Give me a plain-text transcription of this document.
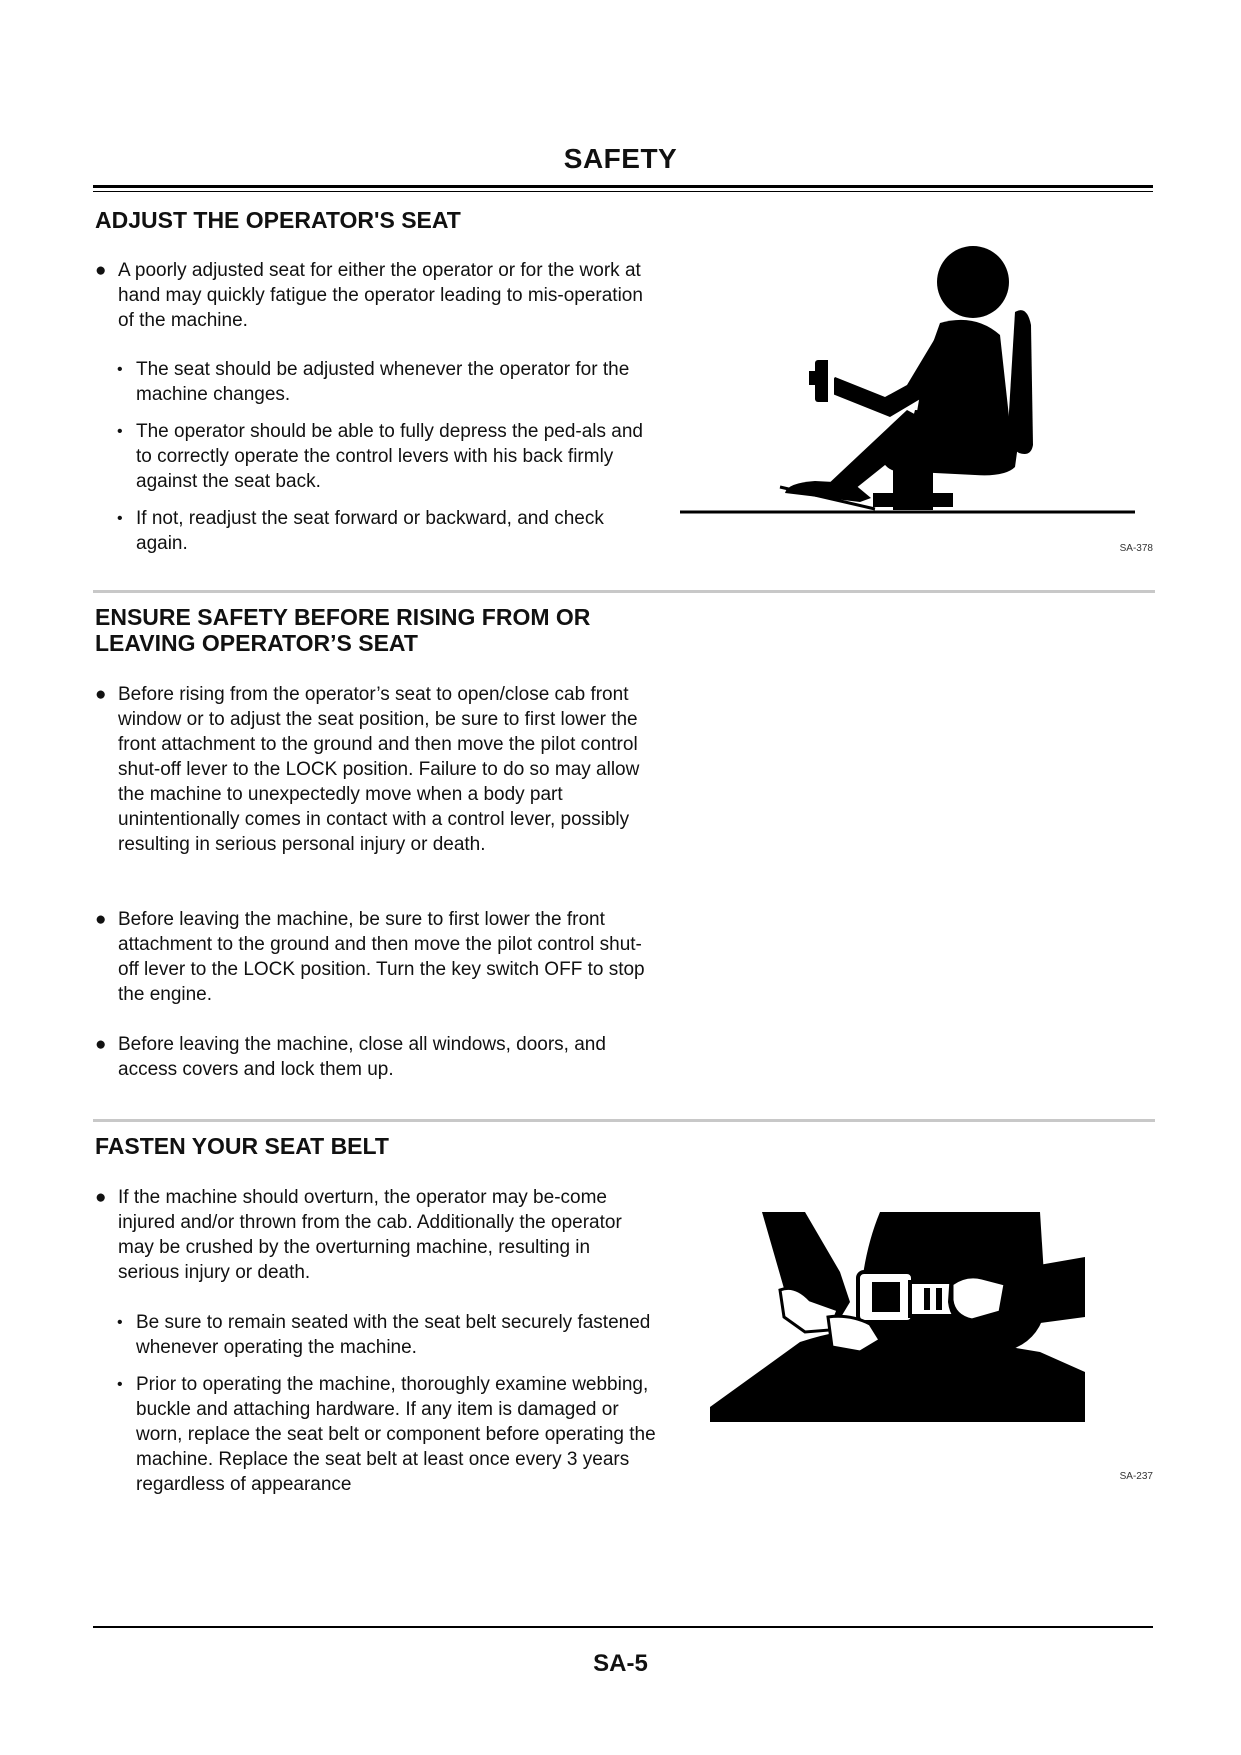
SAFETY
ADJUST THE OPERATOR'S SEAT
● A poorly adjusted seat for either the operator or for the work at hand may quickly fatigue the operator leading to mis-operation of the machine.
• The seat should be adjusted whenever the operator for the machine changes.
• The operator should be able to fully depress the ped-als and to correctly operate the control levers with his back firmly against the seat back.
• If not, readjust the seat forward or backward, and check again.	SA-378
ENSURE SAFETY BEFORE RISING FROM OR
LEAVING OPERATOR’S SEAT
● Before rising from the operator’s seat to open/close cab front window or to adjust the seat position, be sure to first lower the front attachment to the ground and then move the pilot control shut-off lever to the LOCK position. Failure to do so may allow the machine to unexpectedly move when a body part unintentionally comes in contact with a control lever, possibly resulting in serious personal injury or death.
● Before leaving the machine, be sure to first lower the front attachment to the ground and then move the pilot control shut-off lever to the LOCK position. Turn the key switch OFF to stop the engine.
● Before leaving the machine, close all windows, doors, and access covers and lock them up.
FASTEN YOUR SEAT BELT
● If the machine should overturn, the operator may be-come injured and/or thrown from the cab. Additionally the operator may be crushed by the overturning machine, resulting in serious injury or death.
• Be sure to remain seated with the seat belt securely fastened whenever operating the machine.
• Prior to operating the machine, thoroughly examine webbing, buckle and attaching hardware. If any item is damaged or worn, replace the seat belt or component before operating the machine. Replace the seat belt at least once every 3 years regardless of appearance	SA-237
SA-5
